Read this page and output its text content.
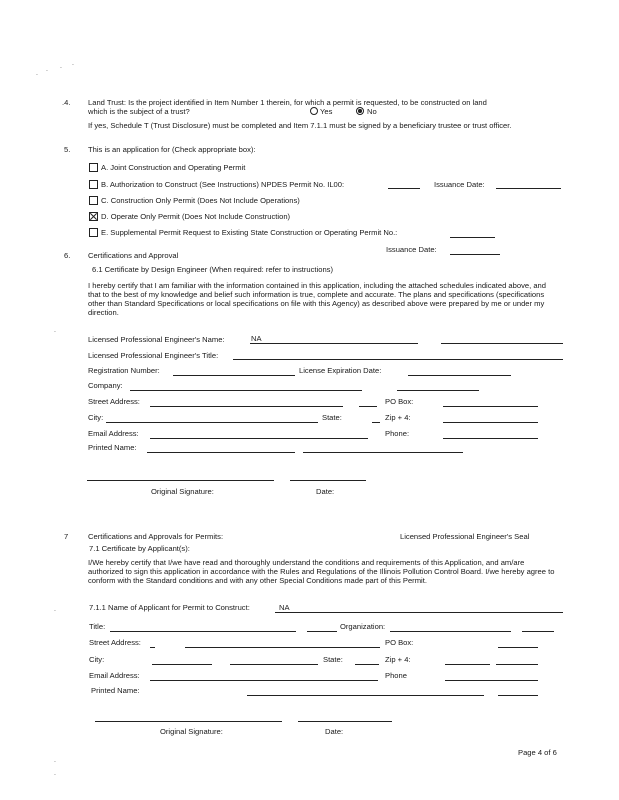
.
. . .
.
.
.
.
.4. Land Trust: Is the project identified in Item Number 1 therein, for which a permit is requested, to be constructed on land
which is the subject of a trust?	Yes	No
If yes, Schedule T (Trust Disclosure) must be completed and Item 7.1.1 must be signed by a beneficiary trustee or trust officer.
5. This is an application for (Check appropriate box):
A. Joint Construction and Operating Permit
B. Authorization to Construct (See Instructions) NPDES Permit No. IL00:	Issuance Date:
C. Construction Only Permit (Does Not Include Operations)
D. Operate Only Permit (Does Not Include Construction)
E. Supplemental Permit Request to Existing State Construction or Operating Permit No.:
Issuance Date:
6. Certifications and Approval
6.1 Certificate by Design Engineer (When required: refer to instructions)
I hereby certify that I am familiar with the information contained in this application, including the attached schedules indicated above, and that to the best of my knowledge and belief such information is true, complete and accurate. The plans and specifications (specifications other than Standard Specifications or local specifications on file with this Agency) as described above were prepared by me or under my direction.
Licensed Professional Engineer's Name:	NA
Licensed Professional Engineer's Title:
Registration Number:	License Expiration Date:
Company:
Street Address:	PO Box:
City:	State:	Zip + 4:
Email Address:	Phone:
Printed Name:
Original Signature:	Date:
7	Certifications and Approvals for Permits:	Licensed Professional Engineer's Seal
7.1 Certificate by Applicant(s):
I/We hereby certify that I/we have read and thoroughly understand the conditions and requirements of this Application, and am/are authorized to sign this application in accordance with the Rules and Regulations of the Illinois Pollution Control Board. I/we hereby agree to conform with the Standard conditions and with any other Special Conditions made part of this Permit.
7.1.1 Name of Applicant for Permit to Construct:	NA
Title:	Organization:
Street Address:	PO Box:
City:	State:	Zip + 4:
Email Address:	Phone
Printed Name:
Original Signature:	Date:
Page 4 of 6
